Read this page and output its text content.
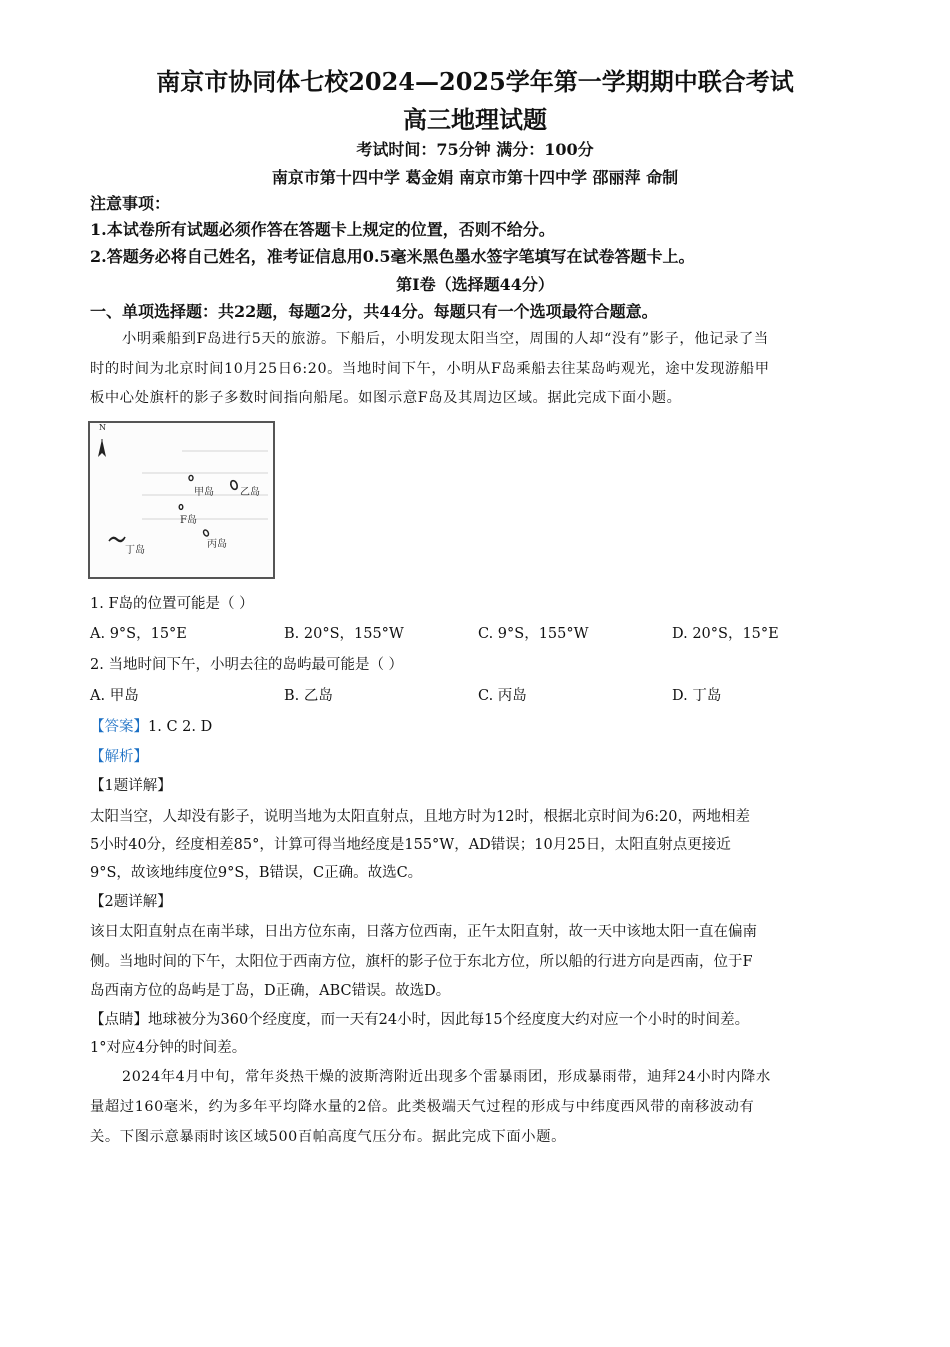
南京市协同体七校2024—2025学年第一学期期中联合考试
高三地理试题
考试时间：75分钟 满分：100分
南京市第十四中学 葛金娟 南京市第十四中学 邵丽萍 命制
注意事项：
1.本试卷所有试题必须作答在答题卡上规定的位置，否则不给分。
2.答题务必将自己姓名，准考证信息用0.5毫米黑色墨水签字笔填写在试卷答题卡上。
第Ⅰ卷（选择题44分）
一、单项选择题：共22题，每题2分，共44分。每题只有一个选项最符合题意。
小明乘船到F岛进行5天的旅游。下船后，小明发现太阳当空，周围的人却“没有”影子，他记录了当
时的时间为北京时间10月25日6:20。当地时间下午，小明从F岛乘船去往某岛屿观光，途中发现游船甲
板中心处旗杆的影子多数时间指向船尾。如图示意F岛及其周边区域。据此完成下面小题。
甲岛	乙岛
F岛
丙岛
丁岛
N
1. F岛的位置可能是（ ）
A. 9°S，15°E	B. 20°S，155°W	C. 9°S，155°W	D. 20°S，15°E
2. 当地时间下午，小明去往的岛屿最可能是（ ）
A. 甲岛	B. 乙岛	C. 丙岛	D. 丁岛
【答案】1. C 2. D
【解析】
【1题详解】
太阳当空，人却没有影子，说明当地为太阳直射点，且地方时为12时，根据北京时间为6:20，两地相差
5小时40分，经度相差85°，计算可得当地经度是155°W，AD错误；10月25日，太阳直射点更接近
9°S，故该地纬度位9°S，B错误，C正确。故选C。
【2题详解】
该日太阳直射点在南半球，日出方位东南，日落方位西南，正午太阳直射，故一天中该地太阳一直在偏南
侧。当地时间的下午，太阳位于西南方位，旗杆的影子位于东北方位，所以船的行进方向是西南，位于F
岛西南方位的岛屿是丁岛，D正确，ABC错误。故选D。
【点睛】地球被分为360个经度度，而一天有24小时，因此每15个经度度大约对应一个小时的时间差。
1°对应4分钟的时间差。
2024年4月中旬，常年炎热干燥的波斯湾附近出现多个雷暴雨团，形成暴雨带，迪拜24小时内降水
量超过160毫米，约为多年平均降水量的2倍。此类极端天气过程的形成与中纬度西风带的南移波动有
关。下图示意暴雨时该区域500百帕高度气压分布。据此完成下面小题。
